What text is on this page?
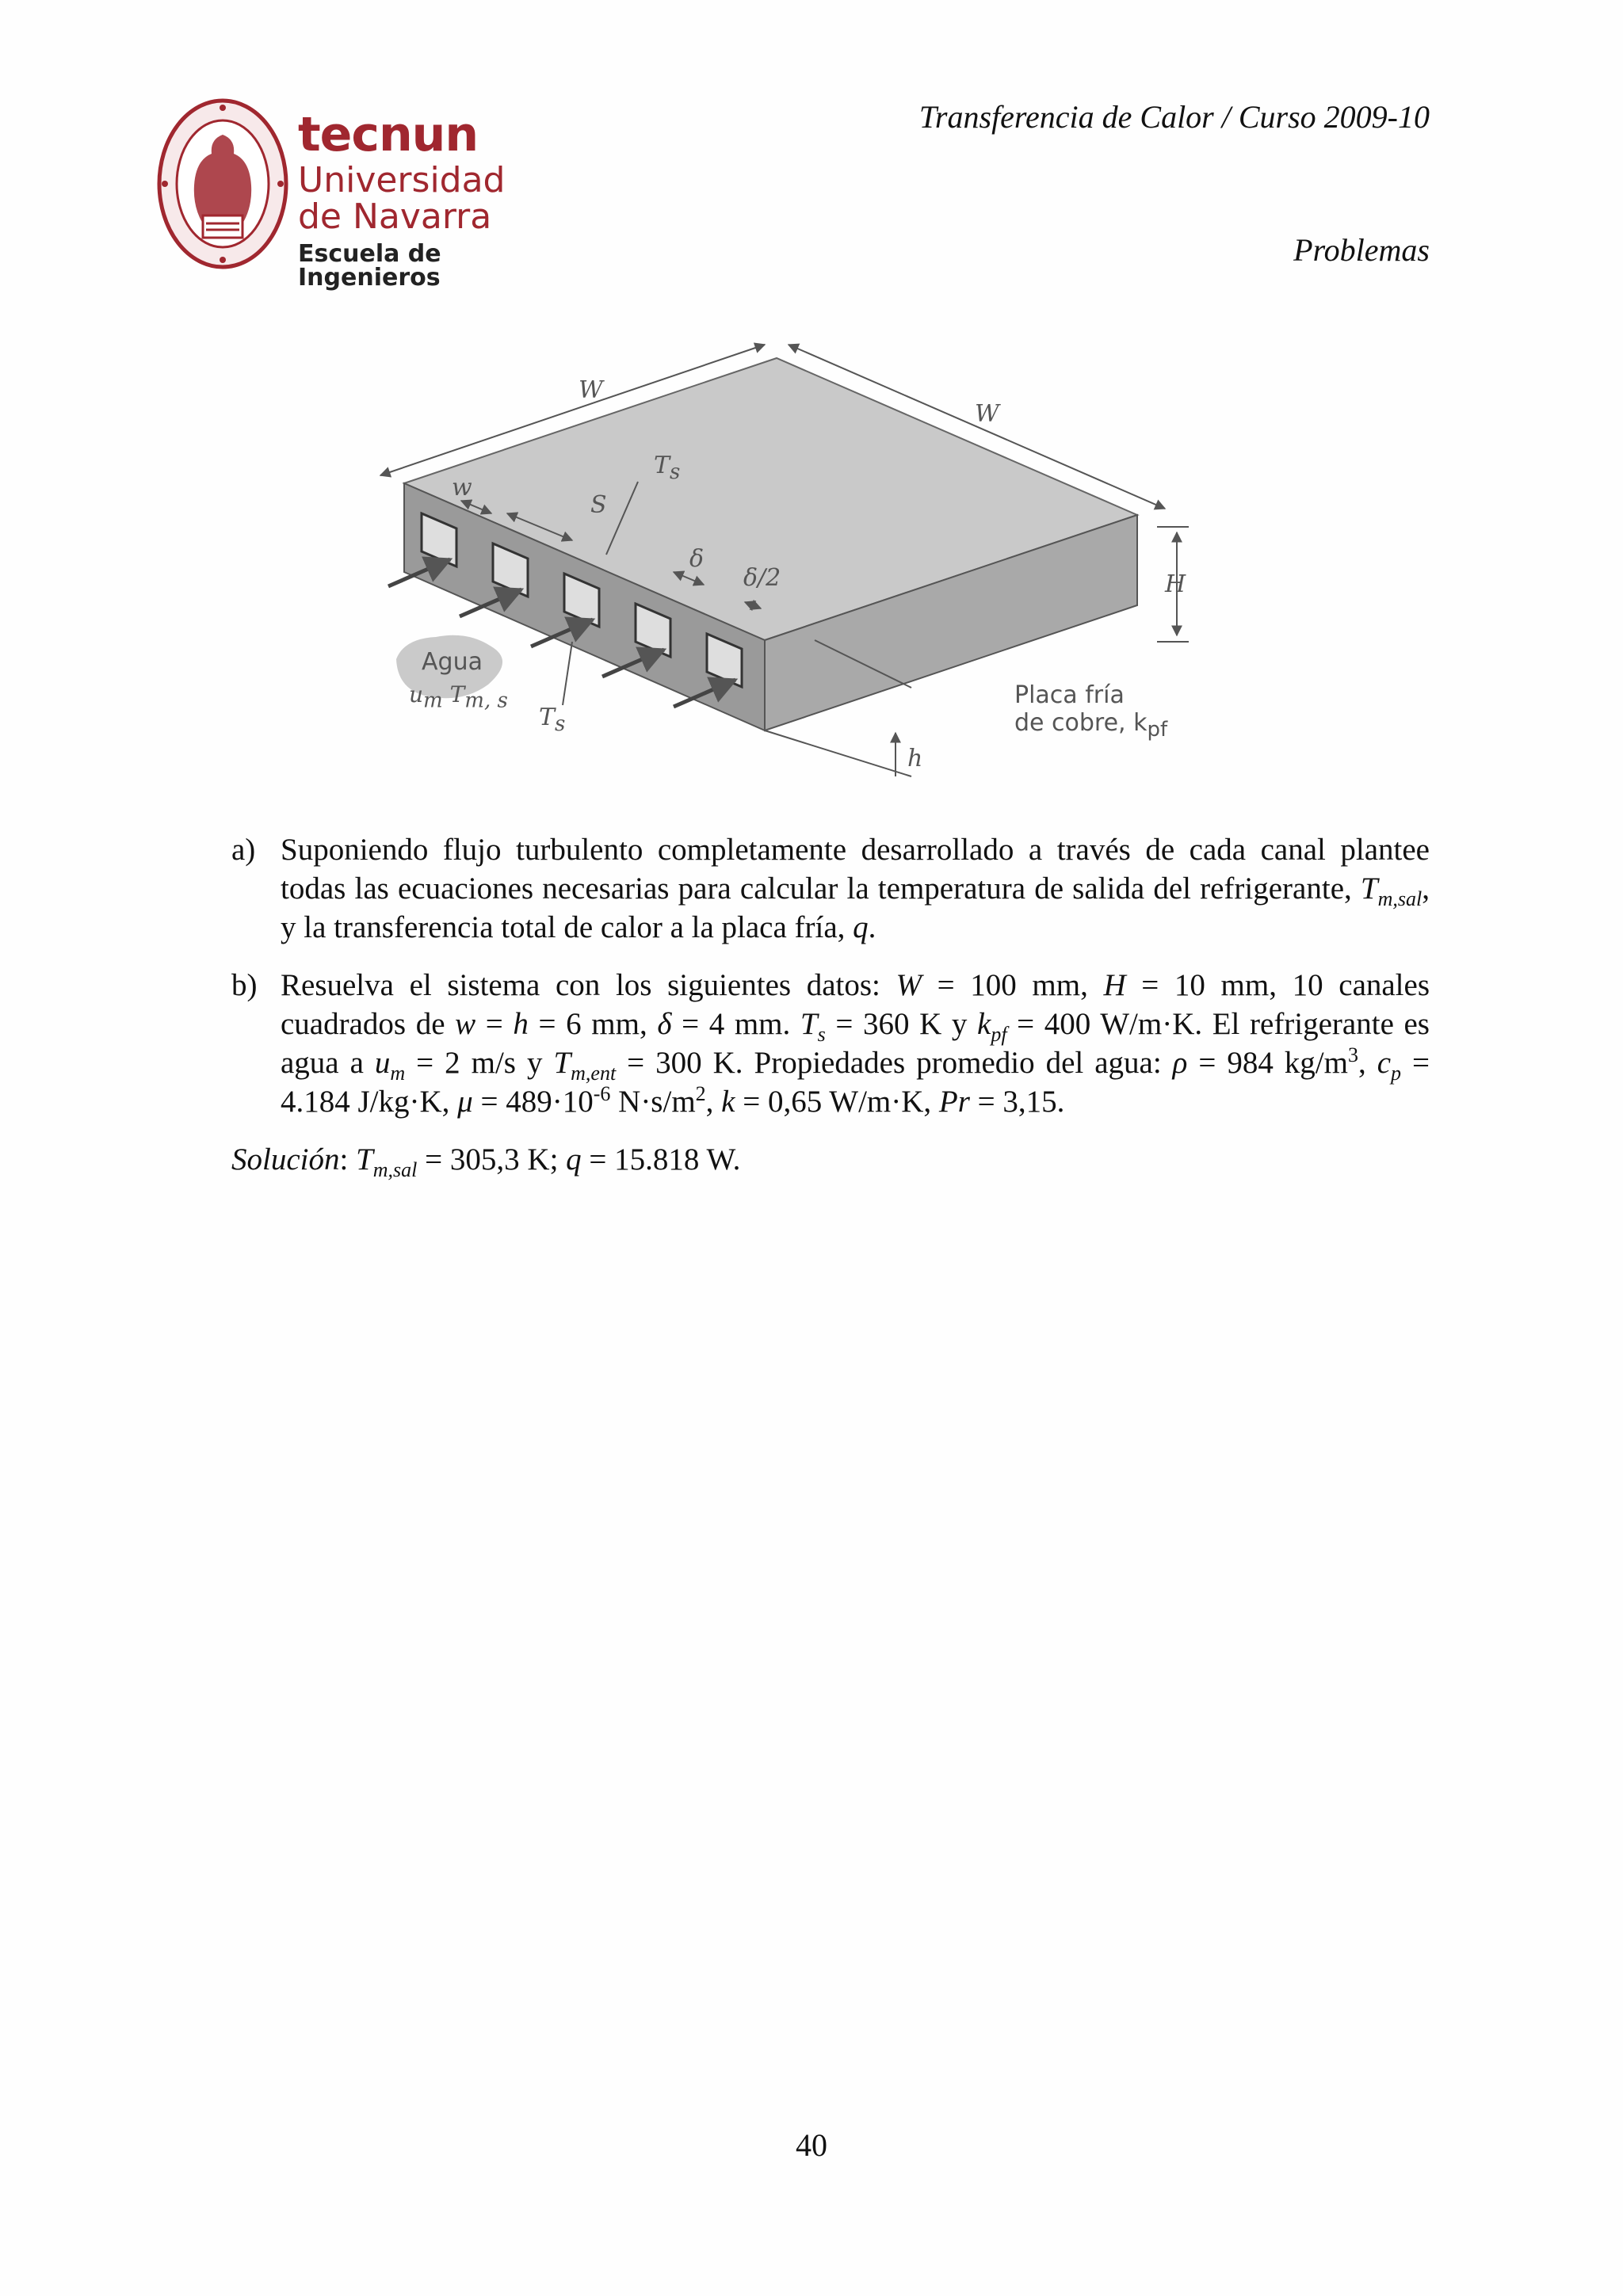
tecnun
Universidad
de Navarra
Escuela de Ingenieros
Transferencia de Calor / Curso 2009-10
Problemas
W
W
w
S
$T_s$
δ
δ/2	H
h
$T_s$
Agua
$u_m$ $T_{m, s}$	Placa fría
de cobre, $k_{pf}$
a) Suponiendo flujo turbulento completamente desarrollado a través de cada canal plantee todas las ecuaciones necesarias para calcular la temperatura de salida del refrigerante, $T_{m,sal}$, y la transferencia total de calor a la placa fría, q.
b) Resuelva el sistema con los siguientes datos: W = 100 mm, H = 10 mm, 10 canales cuadrados de w = h = 6 mm, δ = 4 mm. $T_s = 360$ K y $k_{pf} = 400$ W/m·K. El refrigerante es agua a $u_m = 2$ m/s y $T_{m,ent} = 300$ K. Propiedades promedio del agua: ρ = 984 $kg/m^3$, $c_p = 4.184$ J/kg·K, $\mu = 489\cdot 10^{-6}$ $N\cdot s/m^2$, k = 0,65 W/m·K, Pr = 3,15.
Solución: $T_{m,sal} = 305,3$ K; q = 15.818 W.
40
